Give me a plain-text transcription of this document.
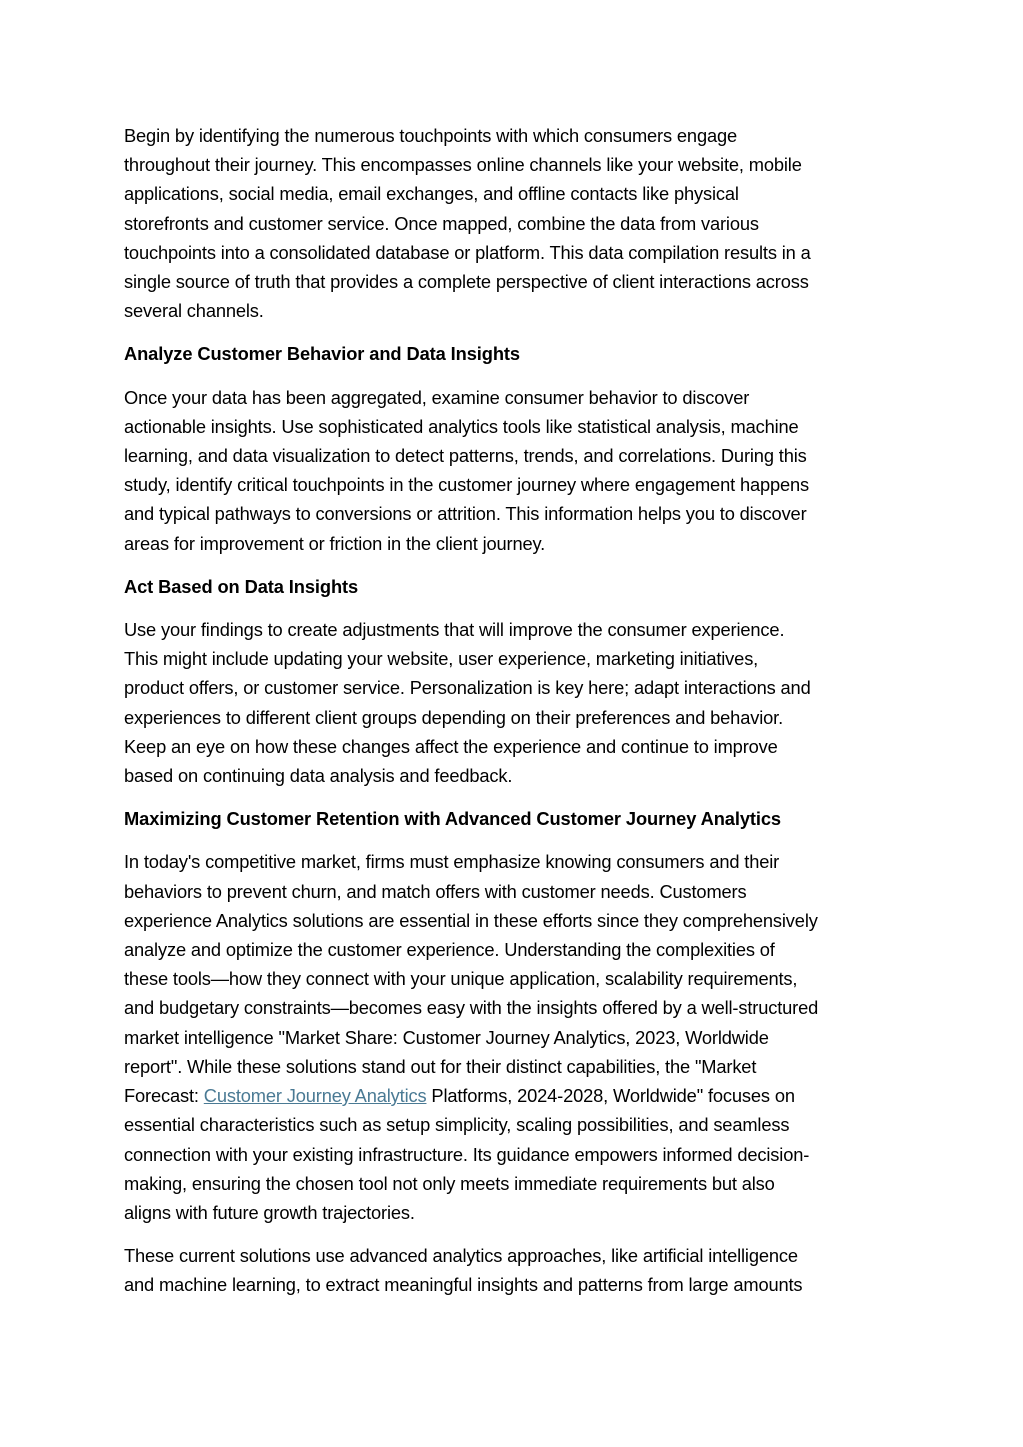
Begin by identifying the numerous touchpoints with which consumers engage
throughout their journey. This encompasses online channels like your website, mobile
applications, social media, email exchanges, and offline contacts like physical
storefronts and customer service. Once mapped, combine the data from various
touchpoints into a consolidated database or platform. This data compilation results in a
single source of truth that provides a complete perspective of client interactions across
several channels.

Analyze Customer Behavior and Data Insights

Once your data has been aggregated, examine consumer behavior to discover
actionable insights. Use sophisticated analytics tools like statistical analysis, machine
learning, and data visualization to detect patterns, trends, and correlations. During this
study, identify critical touchpoints in the customer journey where engagement happens
and typical pathways to conversions or attrition. This information helps you to discover
areas for improvement or friction in the client journey.

Act Based on Data Insights

Use your findings to create adjustments that will improve the consumer experience.
This might include updating your website, user experience, marketing initiatives,
product offers, or customer service. Personalization is key here; adapt interactions and
experiences to different client groups depending on their preferences and behavior.
Keep an eye on how these changes affect the experience and continue to improve
based on continuing data analysis and feedback.

Maximizing Customer Retention with Advanced Customer Journey Analytics

In today's competitive market, firms must emphasize knowing consumers and their
behaviors to prevent churn, and match offers with customer needs. Customers
experience Analytics solutions are essential in these efforts since they comprehensively
analyze and optimize the customer experience. Understanding the complexities of
these tools—how they connect with your unique application, scalability requirements,
and budgetary constraints—becomes easy with the insights offered by a well-structured
market intelligence "Market Share: Customer Journey Analytics, 2023, Worldwide
report". While these solutions stand out for their distinct capabilities, the "Market
Forecast: Customer Journey Analytics Platforms, 2024-2028, Worldwide" focuses on
essential characteristics such as setup simplicity, scaling possibilities, and seamless
connection with your existing infrastructure. Its guidance empowers informed decision-
making, ensuring the chosen tool not only meets immediate requirements but also
aligns with future growth trajectories.

These current solutions use advanced analytics approaches, like artificial intelligence
and machine learning, to extract meaningful insights and patterns from large amounts
